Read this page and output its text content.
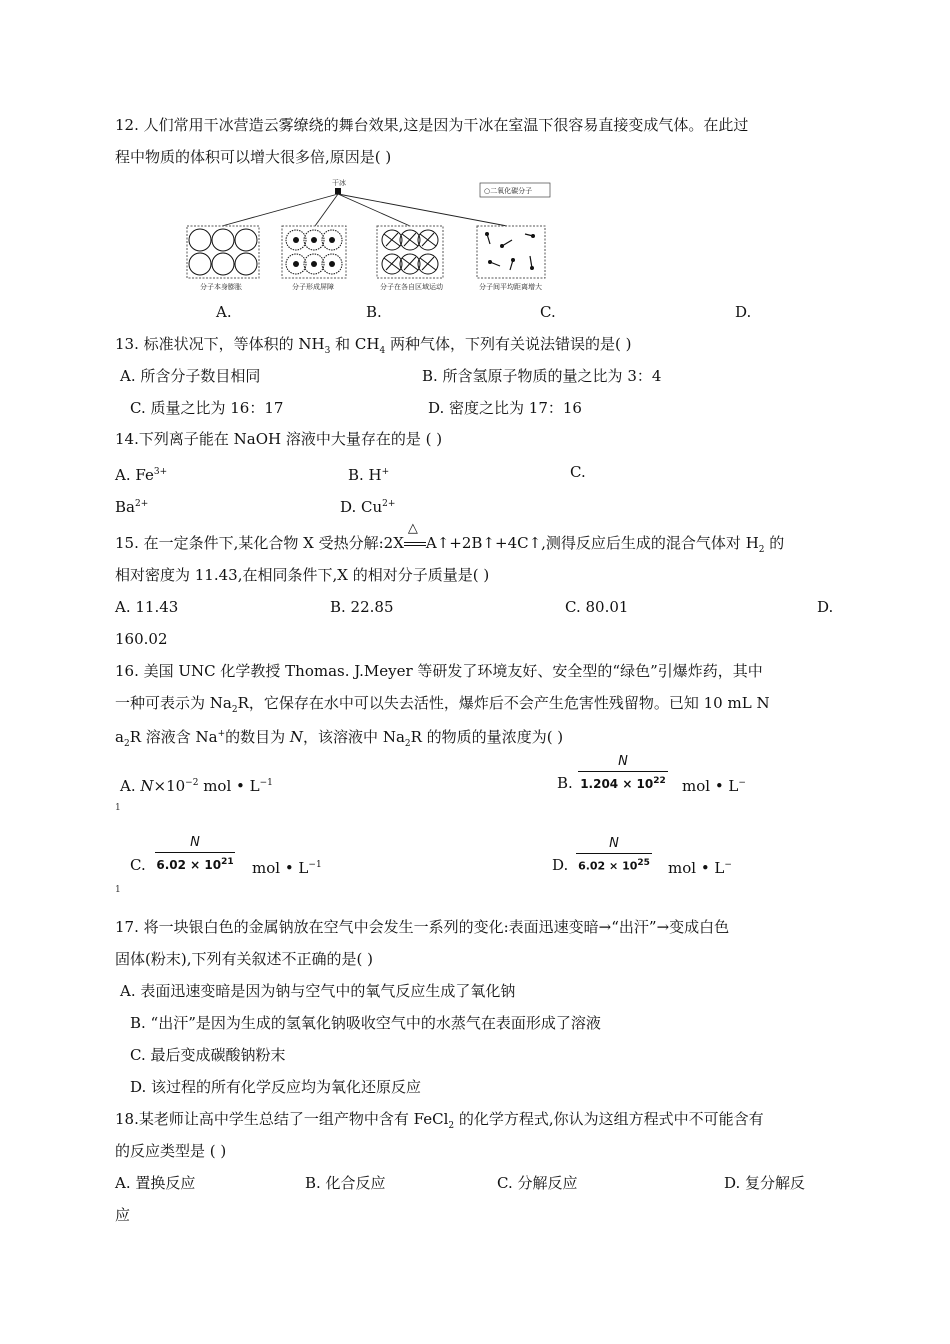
12. 人们常用干冰营造云雾缭绕的舞台效果,这是因为干冰在室温下很容易直接变成气体。在此过
程中物质的体积可以增大很多倍,原因是( )
干冰
○二氧化碳分子
分子本身膨胀	分子形成屏障	分子在各自区域运动	分子间平均距离增大
A.	B.	C.	D.
13. 标准状况下，等体积的 $NH_3$ 和 $CH_4$ 两种气体，下列有关说法错误的是( )
A. 所含分子数目相同	B. 所含氢原子物质的量之比为 3：4
C. 质量之比为 16：17	D. 密度之比为 17：16
14.下列离子能在 NaOH 溶液中大量存在的是 ( )
A. $Fe^{3+}$	B. H+	C.
$Ba^{2+}$	D. $Cu^{2+}$
15. 在一定条件下,某化合物 X 受热分解:2X
△
A↑+2B↑+4C↑,测得反应后生成的混合气体对 $H_2$ 的
相对密度为 11.43,在相同条件下,X 的相对分子质量是( )
A. 11.43	B. 22.85	C. 80.01	D.
160.02
16. 美国 UNC 化学教授 Thomas. J.Meyer 等研发了环境友好、安全型的“绿色”引爆炸药，其中
一种可表示为 $Na_2R$，它保存在水中可以失去活性，爆炸后不会产生危害性残留物。已知 10 mL N
$a_2R$ 溶液含 Na+的数目为 N，该溶液中 $Na_2R$ 的物质的量浓度为( )
A. $N\times 10^{-2}$ mol • $L^{-1}$	B.
N
$1.204 \times 10^{22}$ mol • L−
1
C.
N
$6.02 \times 10^{21}$ mol • $L^{-1}$	D.
N
$6.02 \times 10^{25}$ mol • L−
1
17. 将一块银白色的金属钠放在空气中会发生一系列的变化:表面迅速变暗→“出汗”→变成白色
固体(粉末),下列有关叙述不正确的是( )
A. 表面迅速变暗是因为钠与空气中的氧气反应生成了氧化钠
B. “出汗”是因为生成的氢氧化钠吸收空气中的水蒸气在表面形成了溶液
C. 最后变成碳酸钠粉末
D. 该过程的所有化学反应均为氧化还原反应
18.某老师让高中学生总结了一组产物中含有 FeCl$_2$ 的化学方程式,你认为这组方程式中不可能含有
的反应类型是 ( )
A. 置换反应	B. 化合反应	C. 分解反应	D. 复分解反
应
